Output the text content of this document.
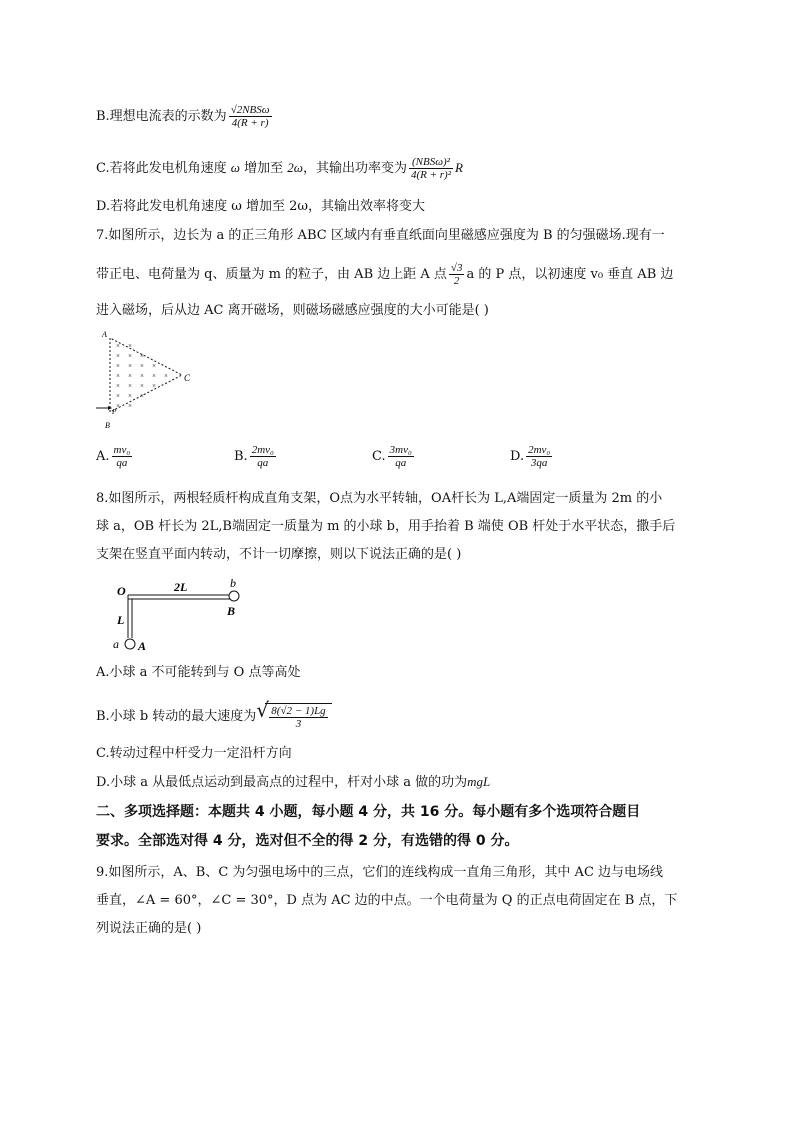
B.理想电流表的示数为 $\frac{\text{√2NBSω}}{4(R + r)}$
C.若将此发电机角速度 ω 增加至 2ω，其输出功率变为 $\frac{\text{(NBSω)²}}{\text{4(R + r)²}}$ R
D.若将此发电机角速度 ω 增加至 2ω，其输出效率将变大
7.如图所示，边长为 a 的正三角形 ABC 区域内有垂直纸面向里磁感应强度为 B 的匀强磁场.现有一
带正电、电荷量为 q、质量为 m 的粒子，由 AB 边上距 A 点 $\frac{√3}{2}$ a 的 P 点，以初速度 v₀ 垂直 AB 边
进入磁场，后从边 AC 离开磁场，则磁场磁感应强度的大小可能是( )
× ×
× × ×
× × × ×
× × × × ×
× × × ×
× × ×
× ×
A
B
C
P
A. $\frac{\text{mv₀}}{qa}$	B. $\frac{\text{2mv₀}}{qa}$	C. $\frac{\text{3mv₀}}{qa}$	D. $\frac{\text{2mv₀}}{3qa}$
8.如图所示，两根轻质杆构成直角支架，O点为水平转轴，OA杆长为 L,A端固定一质量为 2m 的小
球 a，OB 杆长为 2L,B端固定一质量为 m 的小球 b，用手抬着 B 端使 OB 杆处于水平状态，撒手后
支架在竖直平面内转动，不计一切摩擦，则以下说法正确的是( )
O	2L	b
B
L
a A
A.小球 a 不可能转到与 O 点等高处
B.小球 b 转动的最大速度为 √ $\frac{8(√2 - 1)Lg}{3}$
C.转动过程中杆受力一定沿杆方向
D.小球 a 从最低点运动到最高点的过程中，杆对小球 a 做的功为mgL
二、多项选择题：本题共 4 小题，每小题 4 分，共 16 分。每小题有多个选项符合题目
要求。全部选对得 4 分，选对但不全的得 2 分，有选错的得 0 分。
9.如图所示，A、B、C 为匀强电场中的三点，它们的连线构成一直角三角形，其中 AC 边与电场线
垂直，∠A = 60°，∠C = 30°，D 点为 AC 边的中点。一个电荷量为 Q 的正点电荷固定在 B 点，下
列说法正确的是( )
